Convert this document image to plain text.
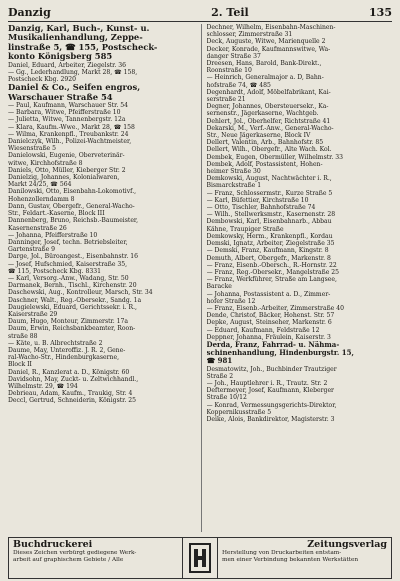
Danzig	2. Teil	135
Danzig, Karl, Buch-, Kunst- u.
Musikalienhandlung, Zeppe-
linstraße 5, ☎ 155, Postscheck-
konto Königsberg 585
Daniel, Eduard, Arbeiter, Ziegelstr. 36
— Gg., Lederhandlung, Markt 28, ☎ 158,
Postscheck Kbg. 2920
Daniel & Co., Seifen engros,
Warschauer Straße 54
— Paul, Kaufmann, Warschauer Str. 54
— Barbara, Witwe, Pfeifferstraße 10
— Julietta, Witwe, Tannenbergstr. 12a
— Klara, Kaufm.-Wwe., Markt 28, ☎ 158
— Wilma, Krankenpfl., Treubankstr. 24
Danielczyk, Wilh., Polizei-Wachtmeister,
Wiesenstraße 5
Danielowski, Eugenie, Oberveterinär-
witwe, Kirchhofstraße 8
Daniels, Otto, Müller, Kieberger Str. 2
Danielzig, Johannes, Kolonialwaren,
Markt 24/25, ☎ 564
Danilowski, Otto, Eisenbahn-Lokomotivf.,
Hohenzollerndamm 8
Dann, Gustav, Obergefr., General-Wacho-
Str., Feldart.-Kaserne, Block III
Dannenberg, Bruno, Reichsb.-Baumeister,
Kasernenstraße 26
— Johanna, Pfeifferstraße 10
Danninger, Josef, techn. Betriebsleiter,
Gartenstraße 9
Darge, Jol., Büroangest., Eisenbahnstr. 16
— Josef, Hufschmied, Kaiserstraße 35,
☎ 115, Postscheck Kbg. 8331
— Karl, Versorg.-Anw., Wadang, Str. 50
Darmanek, Bernh., Tischl., Kirchenstr. 20
Daschewski, Aug., Kontrolleur, Marsch, Str. 34
Daschner, Walt., Reg.-Obersekr., Sandg. 1a
Daugielewski, Eduard, Gerichtssekr. i. R.,
Kaiserstraße 29
Daum, Hugo, Monteur, Zimmerstr. 17a
Daum, Erwin, Reichsbankbeamter, Roon-
straße 88
— Käte, u. B. Albrechtstraße 2
Daume, May, Unteroffiz. J. R. 2, Gene-
ral-Wacho-Str., Hindenburgkaserne,
Block II
Daniel, R., Kanzlerat a. D., Königstr. 60
Davidsohn, May, Zuckt- u. Zeltwichhandl.,
Wilhelmstr. 29, ☎ 194
Debrieau, Adam, Kaufm., Traukig, Str. 4
Deccl, Gertrud, Schneiderin, Königstr. 25
Dechner, Wilhelm, Eisenbahn-Maschinen-
schlosser, Zimmerstraße 31
Deck, Auguste, Witwe, Marienquelle 2
Decker, Konrade, Kaufmannswitwe, Wa-
danger Straße 37
Dreesen, Hans, Barold, Bank-Direkt.,
Roonstraße 10
— Heinrich, Generalmajor a. D, Bahn-
hofstraße 74, ☎ 485
Degenhardt, Adolf, Möbelfabrikant, Kai-
serstraße 21
Degner, Johannes, Obersteuersekr., Ka-
sernenstr., Jägerkaserne, Wachtgeb.
Dehlert, Jol., Oberhelfer, Richtstraße 41
Dekarski, M., Verf.-Anw., General-Wacho-
Str., Neue Jägerkaserne, Block IV
Dellert, Valentin, Arb., Bahnhofstr. 85
Dellert, Wilh., Obergefr., Alte Wach. Kol.
Dembek, Eugen, Obermüller, Wilhelmstr. 33
Dembek, Adolf, Postassistent, Hohen-
heimer Straße 30
Demkowski, August, Nachtwächter i. R.,
Bismarckstraße 1
— Franz, Schlossermstr., Kurze Straße 5
— Karl, Büfettier, Kirchstraße 10
— Otto, Tischler, Bahnhofstraße 74
— Wilh., Stellwerksmstr., Kasernenstr. 28
Dembowski, Karl, Eisenbahnarb., Abbau
Kähne, Traupiger Straße
Demkowsky, Herm., Krankenpfl., Kordau
Demski, Ignatz, Arbeiter, Ziegelstraße 35
— Demski, Franz, Kaufmann, Kingstr. 8
Demuth, Albert, Obergefr., Markenstr. 8
— Franz, Eisenb.-Obersch., R.-Hornstr. 22
— Franz, Reg.-Obersekr., Mangelstraße 25
— Franz, Werkführer, Straße am Langsee,
Baracke
— Johanna, Postassistent a. D., Zimmer-
hofer Straße 12
— Franz, Eisenb.-Arbeiter, Zimmerstraße 40
Dende, Christof, Bäcker, Hohenst. Str. 57
Depke, August, Steinseher, Markenstr. 6
— Eduard, Kaufmann, Feldstraße 12
Deppner, Johanna, Fräulein, Kaiserstr. 3
Derda, Franz, Fahrrad- u. Nähma-
schinenhandlung, Hindenburgstr. 15,
☎ 981
Desmatowitz, Joh., Buchbinder Trautziger
Straße 2
— Joh., Hauptlehrer i. R., Trautz. Str. 2
Deftermeyer, Josef, Kaufmann, Kleberger
Straße 10/12
— Konrad, Vermessungsgerichts-Direktor,
Koppernikusstraße 5
Deike, Alois, Bankdirektor, Magisterstr. 3
Buchdruckerei
Dieses Zeichen verbürgt gediegene Werk-
arbeit auf graphischem Gebiete / Alle
Zeitungsverlag
Herstellung von Druckarbeiten entstam-
men einer Verbindung bekannten Werkstätten
